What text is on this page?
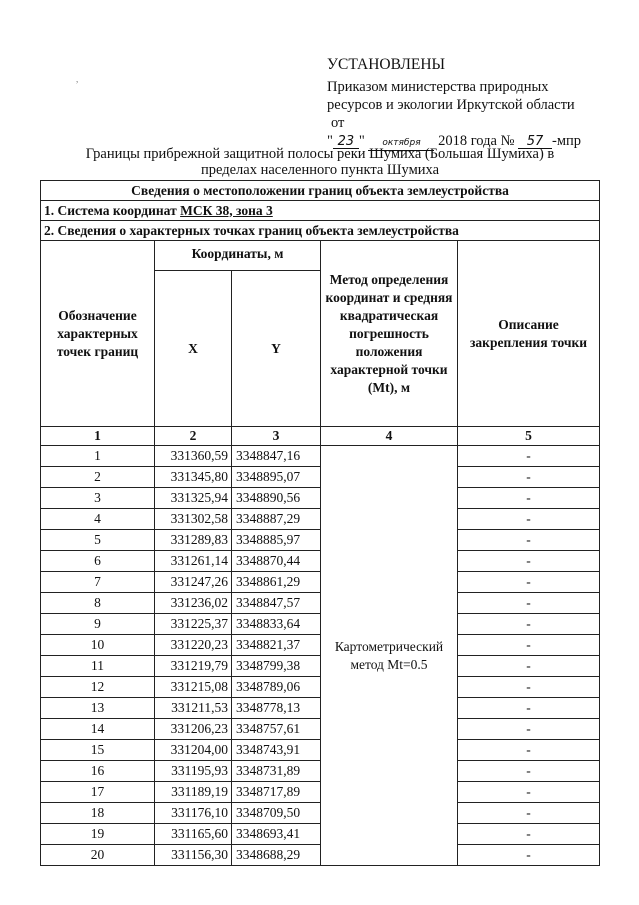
,
УСТАНОВЛЕНЫ
Приказом министерства природных
ресурсов и экологии Иркутской области
от
" 23 " октября 2018 года № 57 -мпр
Границы прибрежной защитной полосы реки Шумиха (Большая Шумиха) в
пределах населенного пункта Шумиха
Сведения о местоположении границ объекта землеустройства				
1. Система координат МСК 38, зона 3				
2. Сведения о характерных точках границ объекта землеустройства				
Обозначение характерных точек границ	Координаты, м		Метод определения координат и средняя квадратическая погрешность положения характерной точки (Mt), м	Описание закрепления точки
	X	Y		
1	2	3	4	5
1	331360,59	3348847,16	Картометрический метод Mt=0.5	-
2	331345,80	3348895,07		-
3	331325,94	3348890,56		-
4	331302,58	3348887,29		-
5	331289,83	3348885,97		-
6	331261,14	3348870,44		-
7	331247,26	3348861,29		-
8	331236,02	3348847,57		-
9	331225,37	3348833,64		-
10	331220,23	3348821,37		-
11	331219,79	3348799,38		-
12	331215,08	3348789,06		-
13	331211,53	3348778,13		-
14	331206,23	3348757,61		-
15	331204,00	3348743,91		-
16	331195,93	3348731,89		-
17	331189,19	3348717,89		-
18	331176,10	3348709,50		-
19	331165,60	3348693,41		-
20	331156,30	3348688,29		-
